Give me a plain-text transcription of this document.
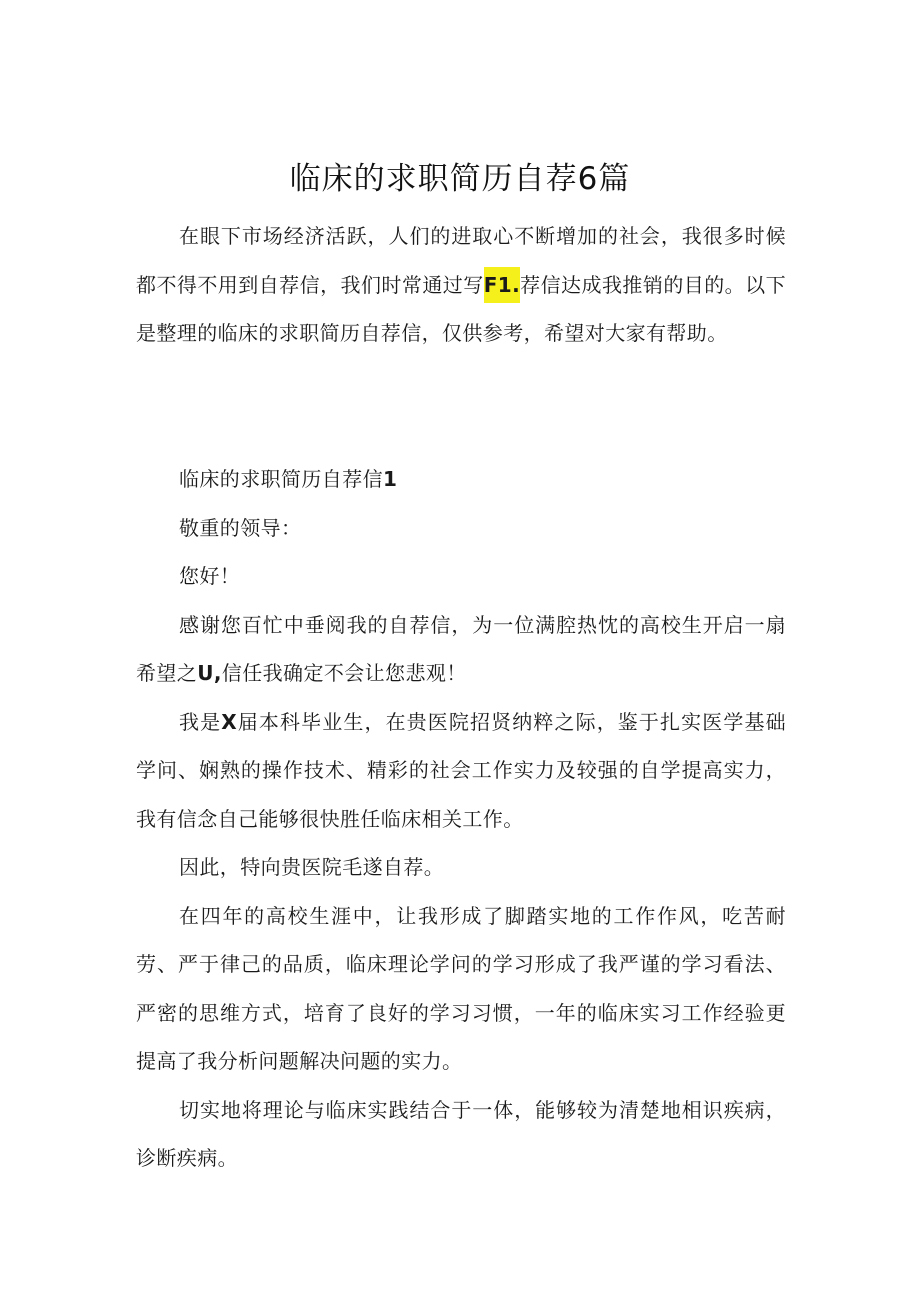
临床的求职简历自荐6篇

在眼下市场经济活跃，人们的进取心不断增加的社会，我很多时候都不得不用到自荐信，我们时常通过写F1.荐信达成我推销的目的。以下是整理的临床的求职简历自荐信，仅供参考，希望对大家有帮助。

临床的求职简历自荐信1

敬重的领导：

您好！

感谢您百忙中垂阅我的自荐信，为一位满腔热忱的高校生开启一扇希望之U,信任我确定不会让您悲观！

我是X届本科毕业生，在贵医院招贤纳粹之际，鉴于扎实医学基础学问、娴熟的操作技术、精彩的社会工作实力及较强的自学提高实力，我有信念自己能够很快胜任临床相关工作。

因此，特向贵医院毛遂自荐。

在四年的高校生涯中，让我形成了脚踏实地的工作作风，吃苦耐劳、严于律己的品质，临床理论学问的学习形成了我严谨的学习看法、严密的思维方式，培育了良好的学习习惯，一年的临床实习工作经验更提高了我分析问题解决问题的实力。

切实地将理论与临床实践结合于一体，能够较为清楚地相识疾病，诊断疾病。
